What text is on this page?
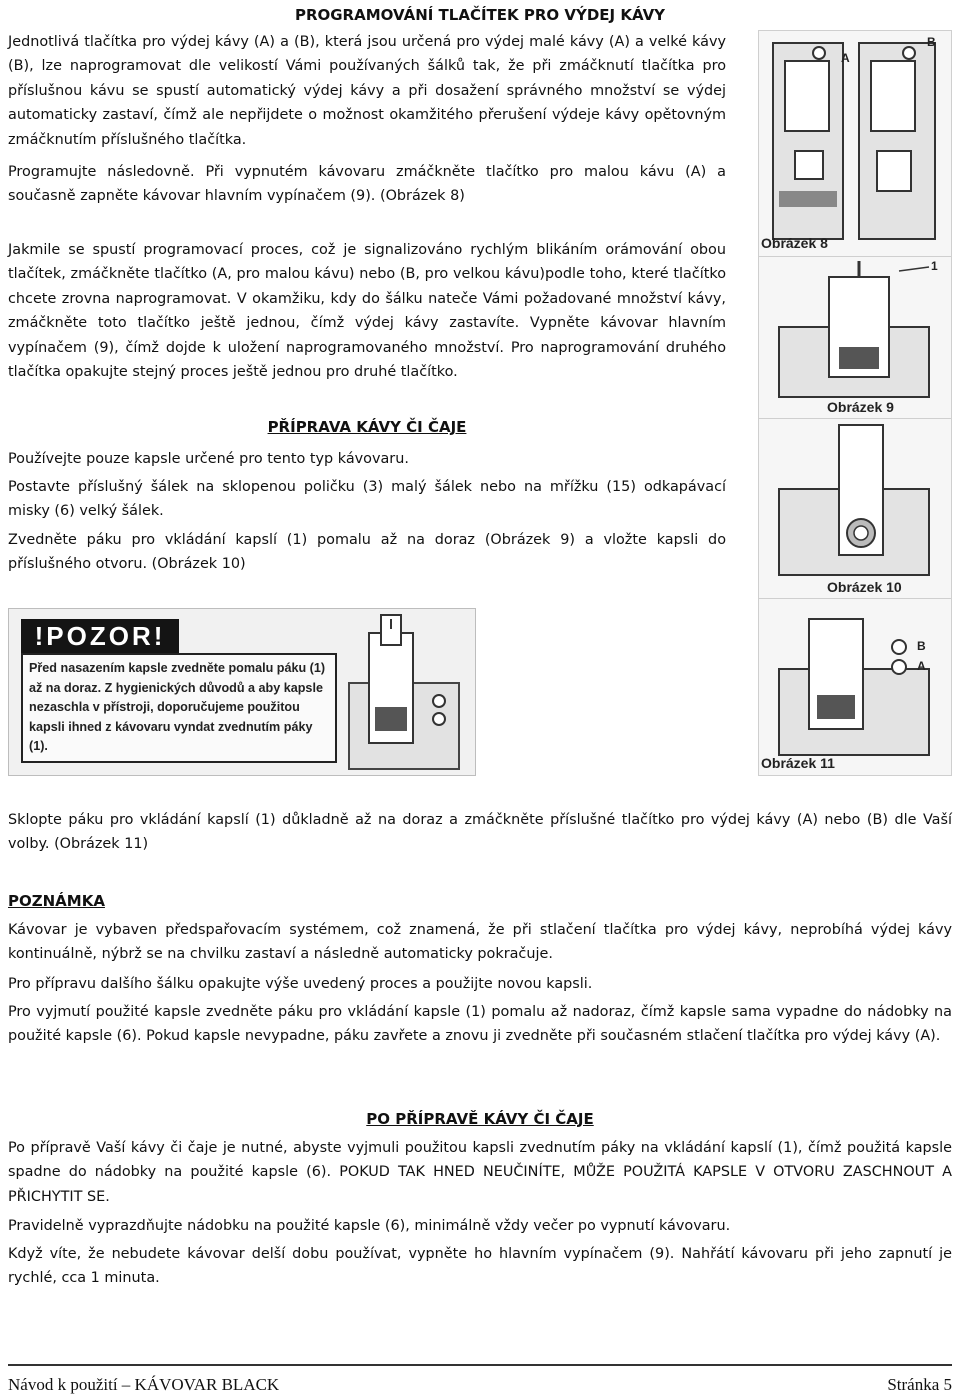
PROGRAMOVÁNÍ TLAČÍTEK PRO VÝDEJ KÁVY

Jednotlivá tlačítka pro výdej kávy (A) a (B), která jsou určená pro výdej malé kávy (A) a velké kávy (B), lze naprogramovat dle velikostí Vámi používaných šálků tak, že při zmáčknutí tlačítka pro příslušnou kávu se spustí automatický výdej kávy a při dosažení správného množství se výdej automaticky zastaví, čímž ale nepřijdete o možnost okamžitého přerušení výdeje kávy opětovným zmáčknutím příslušného tlačítka.

Programujte následovně. Při vypnutém kávovaru zmáčkněte tlačítko pro malou kávu (A) a současně zapněte kávovar hlavním vypínačem (9). (Obrázek 8)

Jakmile se spustí programovací proces, což je signalizováno rychlým blikáním orámování obou tlačítek, zmáčkněte tlačítko (A, pro malou kávu) nebo (B, pro velkou kávu)podle toho, které tlačítko chcete zrovna naprogramovat. V okamžiku, kdy do šálku nateče Vámi požadované množství kávy, zmáčkněte toto tlačítko ještě jednou, čímž výdej kávy zastavíte. Vypněte kávovar hlavním vypínačem (9), čímž dojde k uložení naprogramovaného množství. Pro naprogramování druhého tlačítka opakujte stejný proces ještě jednou pro druhé tlačítko.

PŘÍPRAVA KÁVY ČI ČAJE

Používejte pouze kapsle určené pro tento typ kávovaru.

Postavte příslušný šálek na sklopenou poličku (3) malý šálek nebo na mřížku (15) odkapávací misky (6) velký šálek.

Zvedněte páku pro vkládání kapslí (1) pomalu až na doraz (Obrázek 9) a vložte kapsli do příslušného otvoru. (Obrázek 10)

!POZOR!
Před nasazením kapsle zvedněte pomalu páku (1) až na doraz. Z hygienických důvodů a aby kapsle nezaschla v přístroji, doporučujeme použitou kapsli ihned z kávovaru vyndat zvednutím páky (1).
A
B
Obrázek 8
1
Obrázek 9
Obrázek 10
B
A
Obrázek 11

Sklopte páku pro vkládání kapslí (1) důkladně až na doraz a zmáčkněte příslušné tlačítko pro výdej kávy (A) nebo (B) dle Vaší volby. (Obrázek 11)

POZNÁMKA

Kávovar je vybaven předspařovacím systémem, což znamená, že při stlačení tlačítka pro výdej kávy, neprobíhá výdej kávy kontinuálně, nýbrž se na chvilku zastaví a následně automaticky pokračuje.

Pro přípravu dalšího šálku opakujte výše uvedený proces a použijte novou kapsli.

Pro vyjmutí použité kapsle zvedněte páku pro vkládání kapsle (1) pomalu až nadoraz, čímž kapsle sama vypadne do nádobky na použité kapsle (6). Pokud kapsle nevypadne, páku zavřete a znovu ji zvedněte při současném stlačení tlačítka pro výdej kávy (A).

PO PŘÍPRAVĚ KÁVY ČI ČAJE

Po přípravě Vaší kávy či čaje je nutné, abyste vyjmuli použitou kapsli zvednutím páky na vkládání kapslí (1), čímž použitá kapsle spadne do nádobky na použité kapsle (6). POKUD TAK HNED NEUČINÍTE, MŮŽE POUŽITÁ KAPSLE V OTVORU ZASCHNOUT A PŘICHYTIT SE.

Pravidelně vyprazdňujte nádobku na použité kapsle (6), minimálně vždy večer po vypnutí kávovaru.

Když víte, že nebudete kávovar delší dobu používat, vypněte ho hlavním vypínačem (9). Nahřátí kávovaru při jeho zapnutí je rychlé, cca 1 minuta.

Návod k použití – KÁVOVAR BLACK	Stránka 5
